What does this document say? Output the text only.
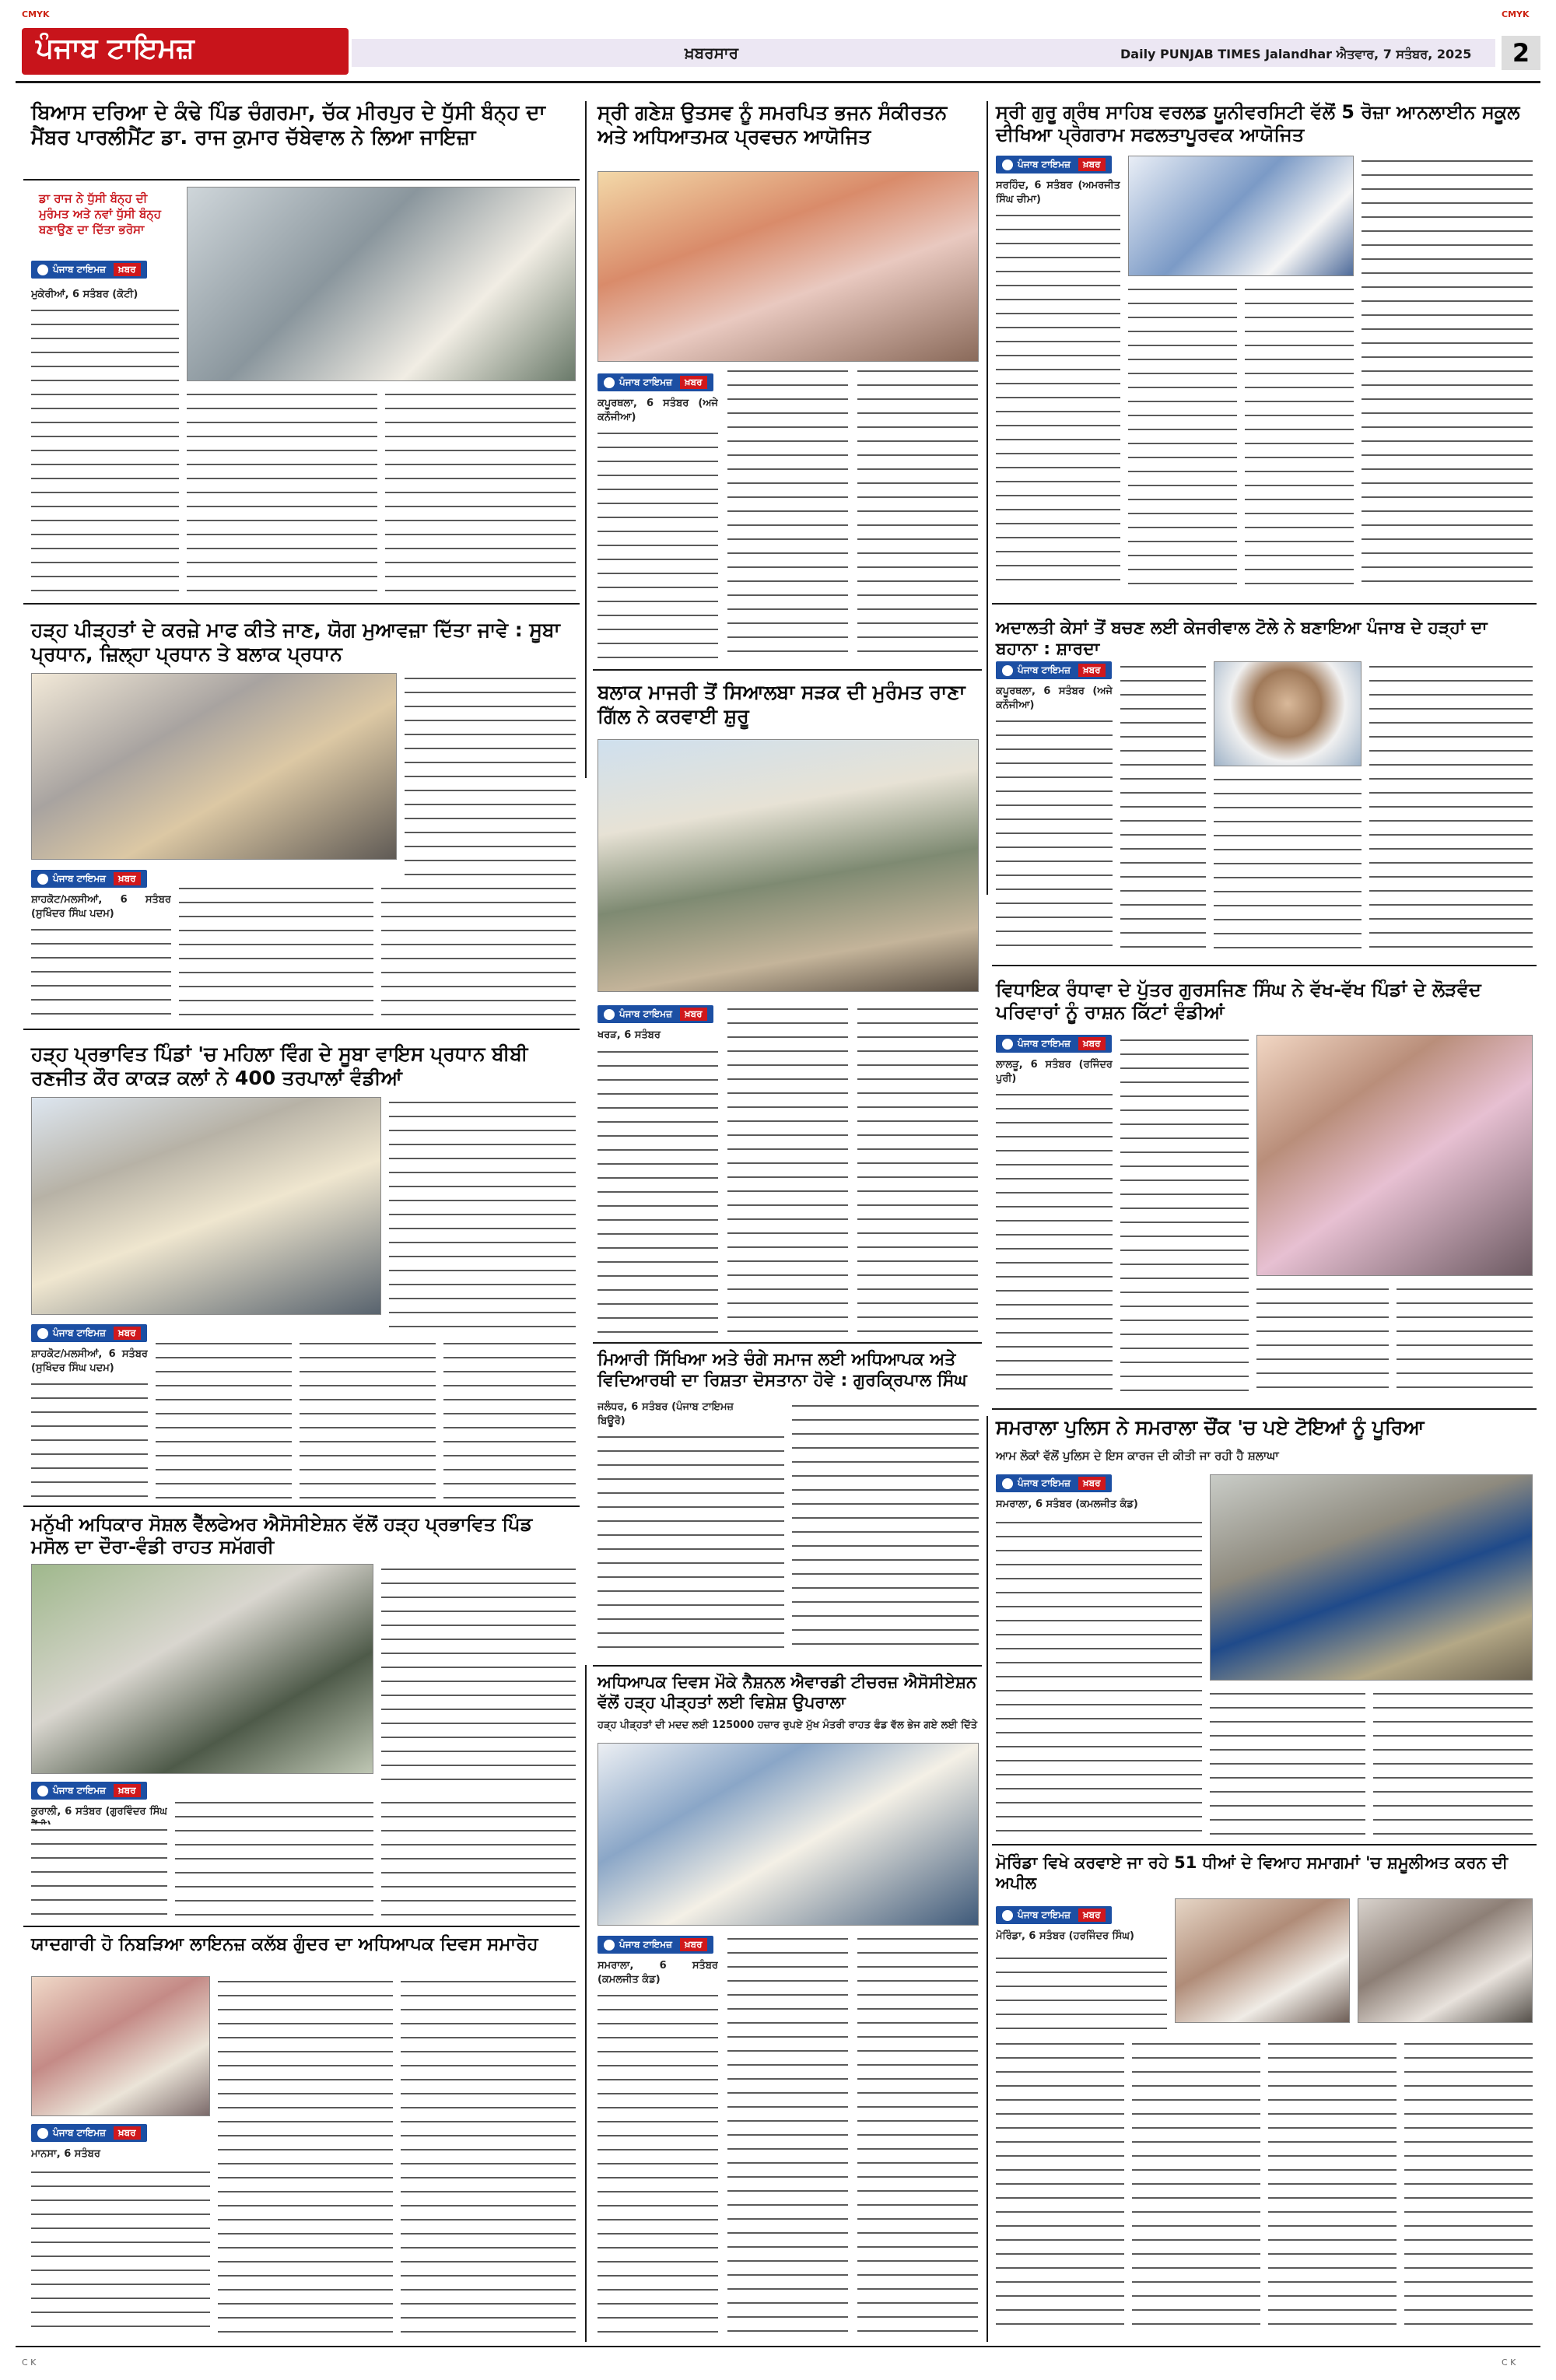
CMYK	CMYK
ਪੰਜਾਬ ਟਾਇਮਜ਼	ਖ਼ਬਰਸਾਰ	Daily PUNJAB TIMES Jalandhar ਐਤਵਾਰ, 7 ਸਤੰਬਰ, 2025	2
ਬਿਆਸ ਦਰਿਆ ਦੇ ਕੰਢੇ ਪਿੰਡ ਚੰਗਰਮਾ, ਚੱਕ ਮੀਰਪੁਰ ਦੇ ਧੁੱਸੀ ਬੰਨ੍ਹ ਦਾ ਮੈਂਬਰ ਪਾਰਲੀਮੈਂਟ ਡਾ. ਰਾਜ ਕੁਮਾਰ ਚੱਬੇਵਾਲ ਨੇ ਲਿਆ ਜਾਇਜ਼ਾ
ਡਾ ਰਾਜ ਨੇ ਧੁੱਸੀ ਬੰਨ੍ਹ ਦੀ ਮੁਰੰਮਤ ਅਤੇ ਨਵਾਂ ਧੁੱਸੀ ਬੰਨ੍ਹ ਬਣਾਉਣ ਦਾ ਦਿੱਤਾ ਭਰੋਸਾ
ਪੰਜਾਬ ਟਾਇਮਜ਼	ਖ਼ਬਰ
ਮੁਕੇਰੀਆਂ, 6 ਸਤੰਬਰ (ਕੋਟੀ)
ਸ੍ਰੀ ਗਣੇਸ਼ ਉਤਸਵ ਨੂੰ ਸਮਰਪਿਤ ਭਜਨ ਸੰਕੀਰਤਨ ਅਤੇ ਅਧਿਆਤਮਕ ਪ੍ਰਵਚਨ ਆਯੋਜਿਤ
ਪੰਜਾਬ ਟਾਇਮਜ਼	ਖ਼ਬਰ
ਕਪੂਰਥਲਾ, 6 ਸਤੰਬਰ (ਅਜੇ ਕਨੌਜੀਆ)
ਸ੍ਰੀ ਗੁਰੂ ਗ੍ਰੰਥ ਸਾਹਿਬ ਵਰਲਡ ਯੂਨੀਵਰਸਿਟੀ ਵੱਲੋਂ 5 ਰੋਜ਼ਾ ਆਨਲਾਈਨ ਸਕੂਲ ਦੀਖਿਆ ਪ੍ਰੋਗਰਾਮ ਸਫਲਤਾਪੂਰਵਕ ਆਯੋਜਿਤ
ਪੰਜਾਬ ਟਾਇਮਜ਼	ਖ਼ਬਰ
ਸਰਹਿੰਦ, 6 ਸਤੰਬਰ (ਅਮਰਜੀਤ ਸਿੰਘ ਚੀਮਾ)
ਹੜ੍ਹ ਪੀੜ੍ਹਤਾਂ ਦੇ ਕਰਜ਼ੇ ਮਾਫ ਕੀਤੇ ਜਾਣ, ਯੋਗ ਮੁਆਵਜ਼ਾ ਦਿੱਤਾ ਜਾਵੇ : ਸੂਬਾ ਪ੍ਰਧਾਨ, ਜ਼ਿਲ੍ਹਾ ਪ੍ਰਧਾਨ ਤੇ ਬਲਾਕ ਪ੍ਰਧਾਨ
ਪੰਜਾਬ ਟਾਇਮਜ਼	ਖ਼ਬਰ
ਸ਼ਾਹਕੋਟ/ਮਲਸੀਆਂ, 6 ਸਤੰਬਰ (ਸੁਖਿੰਦਰ ਸਿੰਘ ਪਦਮ)
ਬਲਾਕ ਮਾਜਰੀ ਤੋਂ ਸਿਆਲਬਾ ਸੜਕ ਦੀ ਮੁਰੰਮਤ ਰਾਣਾ ਗਿੱਲ ਨੇ ਕਰਵਾਈ ਸ਼ੁਰੂ
ਪੰਜਾਬ ਟਾਇਮਜ਼	ਖ਼ਬਰ
ਖਰੜ, 6 ਸਤੰਬਰ
ਅਦਾਲਤੀ ਕੇਸਾਂ ਤੋਂ ਬਚਣ ਲਈ ਕੇਜਰੀਵਾਲ ਟੋਲੇ ਨੇ ਬਣਾਇਆ ਪੰਜਾਬ ਦੇ ਹੜ੍ਹਾਂ ਦਾ ਬਹਾਨਾ : ਸ਼ਾਰਦਾ
ਪੰਜਾਬ ਟਾਇਮਜ਼	ਖ਼ਬਰ
ਕਪੂਰਥਲਾ, 6 ਸਤੰਬਰ (ਅਜੇ ਕਨੌਜੀਆ)
ਹੜ੍ਹ ਪ੍ਰਭਾਵਿਤ ਪਿੰਡਾਂ 'ਚ ਮਹਿਲਾ ਵਿੰਗ ਦੇ ਸੂਬਾ ਵਾਇਸ ਪ੍ਰਧਾਨ ਬੀਬੀ ਰਣਜੀਤ ਕੌਰ ਕਾਕੜ ਕਲਾਂ ਨੇ 400 ਤਰਪਾਲਾਂ ਵੰਡੀਆਂ
ਪੰਜਾਬ ਟਾਇਮਜ਼	ਖ਼ਬਰ
ਸ਼ਾਹਕੋਟ/ਮਲਸੀਆਂ, 6 ਸਤੰਬਰ (ਸੁਖਿੰਦਰ ਸਿੰਘ ਪਦਮ)
ਵਿਧਾਇਕ ਰੰਧਾਵਾ ਦੇ ਪੁੱਤਰ ਗੁਰਸਜਿਣ ਸਿੰਘ ਨੇ ਵੱਖ-ਵੱਖ ਪਿੰਡਾਂ ਦੇ ਲੋੜਵੰਦ ਪਰਿਵਾਰਾਂ ਨੂੰ ਰਾਸ਼ਨ ਕਿੱਟਾਂ ਵੰਡੀਆਂ
ਪੰਜਾਬ ਟਾਇਮਜ਼	ਖ਼ਬਰ
ਲਾਲੜੂ, 6 ਸਤੰਬਰ (ਰਜਿੰਦਰ ਪੁਰੀ)
ਮਨੁੱਖੀ ਅਧਿਕਾਰ ਸੋਸ਼ਲ ਵੈੱਲਫੇਅਰ ਐਸੋਸੀਏਸ਼ਨ ਵੱਲੋਂ ਹੜ੍ਹ ਪ੍ਰਭਾਵਿਤ ਪਿੰਡ ਮਸੋਲ ਦਾ ਦੌਰਾ-ਵੰਡੀ ਰਾਹਤ ਸਮੱਗਰੀ
ਪੰਜਾਬ ਟਾਇਮਜ਼	ਖ਼ਬਰ
ਕੁਰਾਲੀ, 6 ਸਤੰਬਰ (ਗੁਰਵਿੰਦਰ ਸਿੰਘ
ਮਿਆਰੀ ਸਿੱਖਿਆ ਅਤੇ ਚੰਗੇ ਸਮਾਜ ਲਈ ਅਧਿਆਪਕ ਅਤੇ ਵਿਦਿਆਰਥੀ ਦਾ ਰਿਸ਼ਤਾ ਦੋਸਤਾਨਾ ਹੋਵੇ : ਗੁਰਕ੍ਰਿਪਾਲ ਸਿੰਘ
ਜਲੰਧਰ, 6 ਸਤੰਬਰ (ਪੰਜਾਬ ਟਾਇਮਜ਼ ਬਿਊਰੋ)	ਸਮਰਾਲਾ ਪੁਲਿਸ ਨੇ ਸਮਰਾਲਾ ਚੌਂਕ 'ਚ ਪਏ ਟੋਇਆਂ ਨੂੰ ਪੂਰਿਆ
ਆਮ ਲੋਕਾਂ ਵੱਲੋਂ ਪੁਲਿਸ ਦੇ ਇਸ ਕਾਰਜ ਦੀ ਕੀਤੀ ਜਾ ਰਹੀ ਹੈ ਸ਼ਲਾਘਾ
ਪੰਜਾਬ ਟਾਇਮਜ਼	ਖ਼ਬਰ
ਸਮਰਾਲਾ, 6 ਸਤੰਬਰ (ਕਮਲਜੀਤ ਕੰਡ)
ਅਧਿਆਪਕ ਦਿਵਸ ਮੌਕੇ ਨੈਸ਼ਨਲ ਐਵਾਰਡੀ ਟੀਚਰਜ਼ ਐਸੋਸੀਏਸ਼ਨ ਵੱਲੋਂ ਹੜ੍ਹ ਪੀੜ੍ਹਤਾਂ ਲਈ ਵਿਸ਼ੇਸ਼ ਉਪਰਾਲਾ
ਹੜ੍ਹ ਪੀੜ੍ਹਤਾਂ ਦੀ ਮਦਦ ਲਈ 125000 ਹਜ਼ਾਰ ਰੁਪਏ ਮੁੱਖ ਮੰਤਰੀ ਰਾਹਤ ਫੰਡ ਵੱਲ ਭੇਜ ਗਏ ਲਈ ਦਿੱਤੇ
ਪੰਜਾਬ ਟਾਇਮਜ਼	ਖ਼ਬਰ
ਸਮਰਾਲਾ, 6 ਸਤੰਬਰ (ਕਮਲਜੀਤ ਕੰਡ)
ਯਾਦਗਾਰੀ ਹੋ ਨਿਬੜਿਆ ਲਾਇਨਜ਼ ਕਲੱਬ ਗੁੰਦਰ ਦਾ ਅਧਿਆਪਕ ਦਿਵਸ ਸਮਾਰੋਹ
ਪੰਜਾਬ ਟਾਇਮਜ਼	ਖ਼ਬਰ
ਮਾਨਸਾ, 6 ਸਤੰਬਰ
ਮੋਰਿੰਡਾ ਵਿਖੇ ਕਰਵਾਏ ਜਾ ਰਹੇ 51 ਧੀਆਂ ਦੇ ਵਿਆਹ ਸਮਾਗਮਾਂ 'ਚ ਸ਼ਮੂਲੀਅਤ ਕਰਨ ਦੀ ਅਪੀਲ
ਪੰਜਾਬ ਟਾਇਮਜ਼	ਖ਼ਬਰ
ਮੋਰਿੰਡਾ, 6 ਸਤੰਬਰ (ਹਰਜਿੰਦਰ ਸਿੰਘ)
C K	C K
